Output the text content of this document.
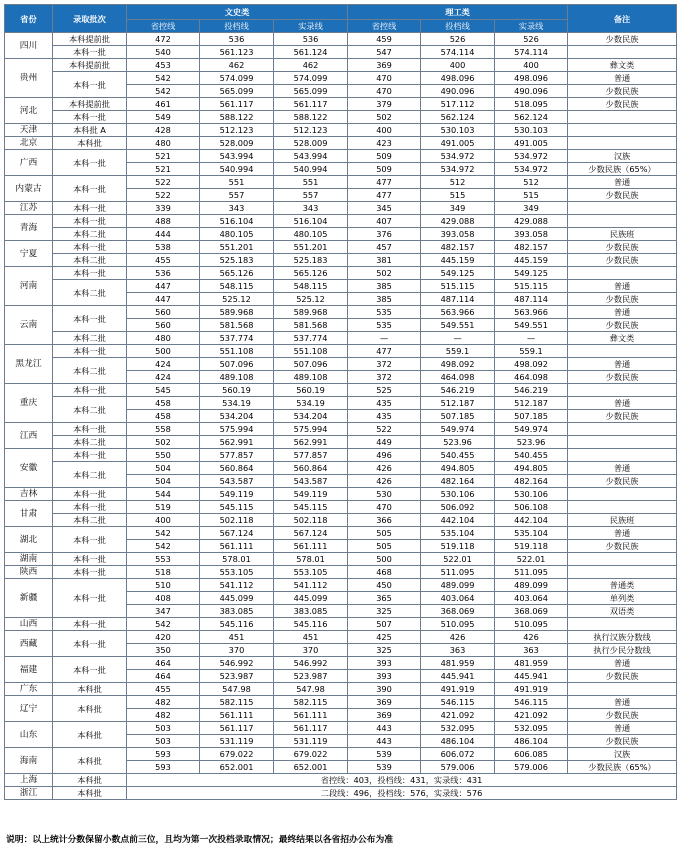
省份	录取批次	文史类			理工类			备注
		省控线	投档线	实录线	省控线	投档线	实录线	
四川	本科提前批	472	536	536	459	526	526	少数民族
	本科一批	540	561.123	561.124	547	574.114	574.114	
贵州	本科提前批	453	462	462	369	400	400	彝文类
	本科一批	542	574.099	574.099	470	498.096	498.096	普通
		542	565.099	565.099	470	490.096	490.096	少数民族
河北	本科提前批	461	561.117	561.117	379	517.112	518.095	少数民族
	本科一批	549	588.122	588.122	502	562.124	562.124	
天津	本科批 A	428	512.123	512.123	400	530.103	530.103	
北京	本科批	480	528.009	528.009	423	491.005	491.005	
广西	本科一批	521	543.994	543.994	509	534.972	534.972	汉族
		521	540.994	540.994	509	534.972	534.972	少数民族（65%）
内蒙古	本科一批	522	551	551	477	512	512	普通
		522	557	557	477	515	515	少数民族
江苏	本科一批	339	343	343	345	349	349	
青海	本科一批	488	516.104	516.104	407	429.088	429.088	
	本科二批	444	480.105	480.105	376	393.058	393.058	民族班
宁夏	本科一批	538	551.201	551.201	457	482.157	482.157	少数民族
	本科二批	455	525.183	525.183	381	445.159	445.159	少数民族
河南	本科一批	536	565.126	565.126	502	549.125	549.125	
	本科二批	447	548.115	548.115	385	515.115	515.115	普通
		447	525.12	525.12	385	487.114	487.114	少数民族
云南	本科一批	560	589.968	589.968	535	563.966	563.966	普通
		560	581.568	581.568	535	549.551	549.551	少数民族
	本科二批	480	537.774	537.774	—	—	—	彝文类
黑龙江	本科一批	500	551.108	551.108	477	559.1	559.1	
	本科二批	424	507.096	507.096	372	498.092	498.092	普通
		424	489.108	489.108	372	464.098	464.098	少数民族
重庆	本科一批	545	560.19	560.19	525	546.219	546.219	
	本科二批	458	534.19	534.19	435	512.187	512.187	普通
		458	534.204	534.204	435	507.185	507.185	少数民族
江西	本科一批	558	575.994	575.994	522	549.974	549.974	
	本科二批	502	562.991	562.991	449	523.96	523.96	
安徽	本科一批	550	577.857	577.857	496	540.455	540.455	
	本科二批	504	560.864	560.864	426	494.805	494.805	普通
		504	543.587	543.587	426	482.164	482.164	少数民族
吉林	本科一批	544	549.119	549.119	530	530.106	530.106	
甘肃	本科一批	519	545.115	545.115	470	506.092	506.108	
	本科二批	400	502.118	502.118	366	442.104	442.104	民族班
湖北	本科一批	542	567.124	567.124	505	535.104	535.104	普通
		542	561.111	561.111	505	519.118	519.118	少数民族
湖南	本科一批	553	578.01	578.01	500	522.01	522.01	
陕西	本科一批	518	553.105	553.105	468	511.095	511.095	
新疆	本科一批	510	541.112	541.112	450	489.099	489.099	普通类
		408	445.099	445.099	365	403.064	403.064	单列类
		347	383.085	383.085	325	368.069	368.069	双语类
山西	本科一批	542	545.116	545.116	507	510.095	510.095	
西藏	本科一批	420	451	451	425	426	426	执行汉族分数线
		350	370	370	325	363	363	执行少民分数线
福建	本科一批	464	546.992	546.992	393	481.959	481.959	普通
		464	523.987	523.987	393	445.941	445.941	少数民族
广东	本科批	455	547.98	547.98	390	491.919	491.919	
辽宁	本科批	482	582.115	582.115	369	546.115	546.115	普通
		482	561.111	561.111	369	421.092	421.092	少数民族
山东	本科批	503	561.117	561.117	443	532.095	532.095	普通
		503	531.119	531.119	443	486.104	486.104	少数民族
海南	本科批	593	679.022	679.022	539	606.072	606.085	汉族
		593	652.001	652.001	539	579.006	579.006	少数民族（65%）
上海	本科批	省控线：403，投档线：431，实录线：431						
浙江	本科批	二段线：496，投档线：576，实录线：576						
说明：以上统计分数保留小数点前三位，且均为第一次投档录取情况；最终结果以各省招办公布为准
